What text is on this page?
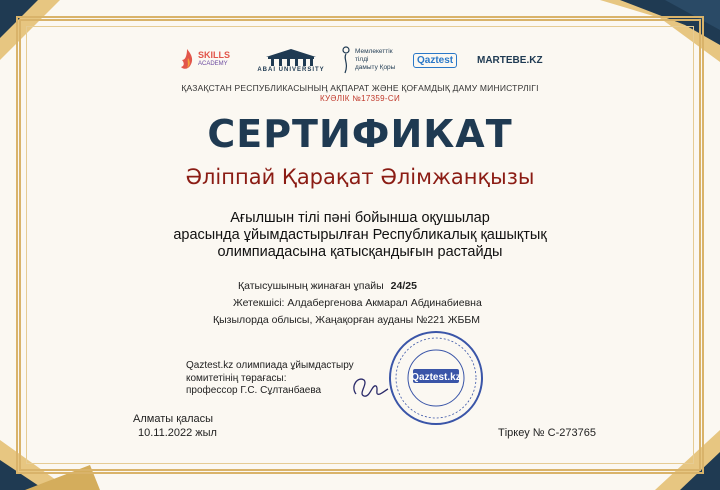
SKILLS
ACADEMY
ABAI UNIVERSITY
Мемлекеттік
тілді
дамыту Қоры
Qaztest	MARTEBE.KZ
ҚАЗАҚСТАН РЕСПУБЛИКАСЫНЫҢ АҚПАРАТ ЖӘНЕ ҚОҒАМДЫҚ ДАМУ МИНИСТРЛІГІ
КУӘЛІК №17359-СИ
СЕРТИФИКАТ
Әліппай Қарақат Әлімжанқызы
Ағылшын тілі пәні бойынша оқушылар
арасында ұйымдастырылған Республикалық қашықтық
олимпиадасына қатысқандығын растайды
Қатысушының жинаған ұпайы 24/25
Жетекшісі: Алдабергенова Акмарал Абдинабиевна
Қызылорда облысы, Жаңақорған ауданы №221 ЖББМ
Qaztest.kz олимпиада ұйымдастыру
комитетінің төрағасы:
профессор Г.С. Сұлтанбаева
Qaztest.kz
Алматы қаласы
10.11.2022 жыл	Тіркеу № С-273765
